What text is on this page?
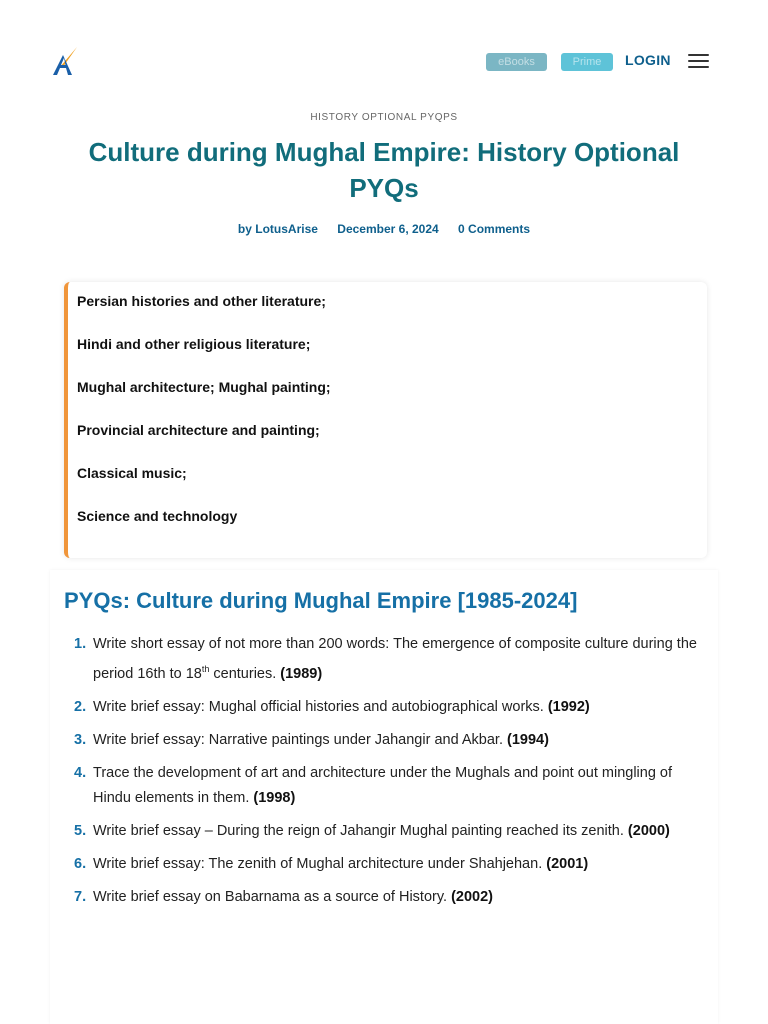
eBooks	Prime	LOGIN
HISTORY OPTIONAL PYQPS
Culture during Mughal Empire: History Optional PYQs
by LotusArise December 6, 2024 0 Comments

Persian histories and other literature;

Hindi and other religious literature;

Mughal architecture; Mughal painting;

Provincial architecture and painting;

Classical music;

Science and technology

PYQs: Culture during Mughal Empire [1985-2024]
1. Write short essay of not more than 200 words: The emergence of composite culture during the period 16th to 18th centuries. (1989)
2. Write brief essay: Mughal official histories and autobiographical works. (1992)
3. Write brief essay: Narrative paintings under Jahangir and Akbar. (1994)
4. Trace the development of art and architecture under the Mughals and point out mingling of Hindu elements in them. (1998)
5. Write brief essay – During the reign of Jahangir Mughal painting reached its zenith. (2000)
6. Write brief essay: The zenith of Mughal architecture under Shahjehan. (2001)
7. Write brief essay on Babarnama as a source of History. (2002)
